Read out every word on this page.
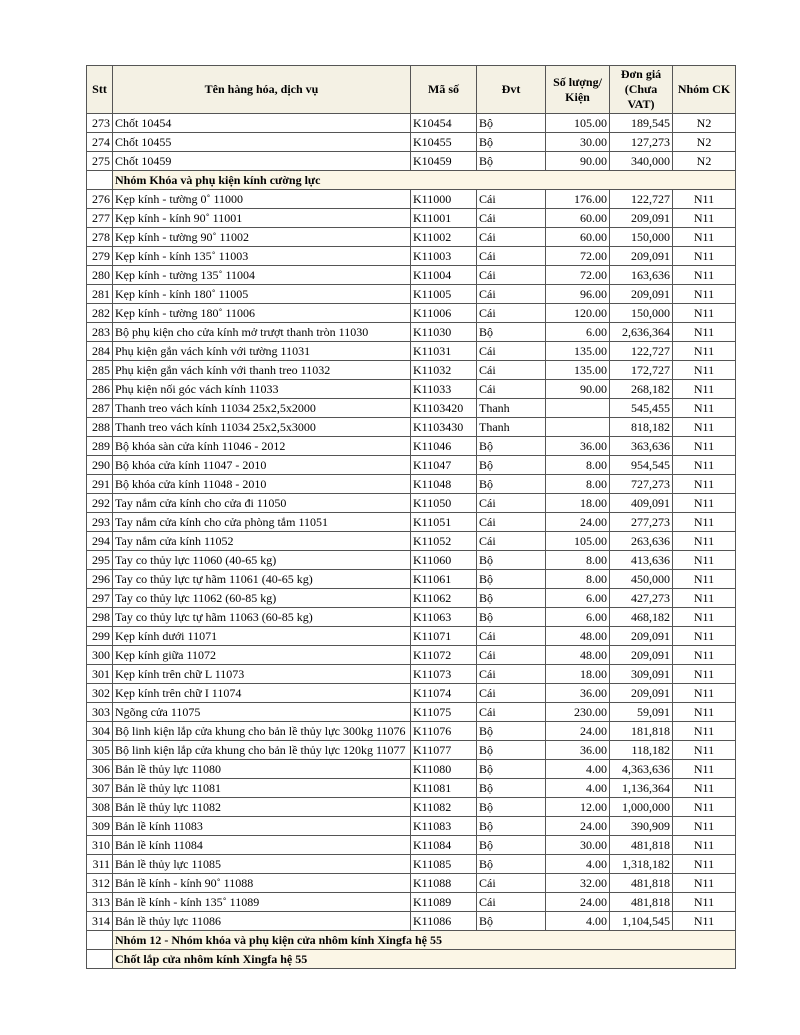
Stt	Tên hàng hóa, dịch vụ	Mã số	Đvt	Số lượng/ Kiện	Đơn giá (Chưa VAT)	Nhóm CK
273	Chốt 10454	K10454	Bộ	105.00	189,545	N2
274	Chốt 10455	K10455	Bộ	30.00	127,273	N2
275	Chốt 10459	K10459	Bộ	90.00	340,000	N2
	Nhóm Khóa và phụ kiện kính cường lực					
276	Kẹp kính - tường 0˚ 11000	K11000	Cái	176.00	122,727	N11
277	Kẹp kính - kính 90˚ 11001	K11001	Cái	60.00	209,091	N11
278	Kẹp kính - tường 90˚ 11002	K11002	Cái	60.00	150,000	N11
279	Kẹp kính - kính 135˚ 11003	K11003	Cái	72.00	209,091	N11
280	Kẹp kính - tường 135˚ 11004	K11004	Cái	72.00	163,636	N11
281	Kẹp kính - kính 180˚ 11005	K11005	Cái	96.00	209,091	N11
282	Kẹp kính - tường 180˚ 11006	K11006	Cái	120.00	150,000	N11
283	Bộ phụ kiện cho cửa kính mở trượt thanh tròn 11030	K11030	Bộ	6.00	2,636,364	N11
284	Phụ kiện gắn vách kính với tường 11031	K11031	Cái	135.00	122,727	N11
285	Phụ kiện gắn vách kính với thanh treo 11032	K11032	Cái	135.00	172,727	N11
286	Phụ kiện nối góc vách kính 11033	K11033	Cái	90.00	268,182	N11
287	Thanh treo vách kính 11034 25x2,5x2000	K1103420	Thanh		545,455	N11
288	Thanh treo vách kính 11034 25x2,5x3000	K1103430	Thanh		818,182	N11
289	Bộ khóa sàn cửa kính 11046 - 2012	K11046	Bộ	36.00	363,636	N11
290	Bộ khóa cửa kính 11047 - 2010	K11047	Bộ	8.00	954,545	N11
291	Bộ khóa cửa kính 11048 - 2010	K11048	Bộ	8.00	727,273	N11
292	Tay nắm cửa kính cho cửa đi 11050	K11050	Cái	18.00	409,091	N11
293	Tay nắm cửa kính cho cửa phòng tắm 11051	K11051	Cái	24.00	277,273	N11
294	Tay nắm cửa kính 11052	K11052	Cái	105.00	263,636	N11
295	Tay co thủy lực 11060 (40-65 kg)	K11060	Bộ	8.00	413,636	N11
296	Tay co thủy lực tự hãm 11061 (40-65 kg)	K11061	Bộ	8.00	450,000	N11
297	Tay co thủy lực 11062 (60-85 kg)	K11062	Bộ	6.00	427,273	N11
298	Tay co thủy lực tự hãm 11063 (60-85 kg)	K11063	Bộ	6.00	468,182	N11
299	Kẹp kính dưới 11071	K11071	Cái	48.00	209,091	N11
300	Kẹp kính giữa 11072	K11072	Cái	48.00	209,091	N11
301	Kẹp kính trên chữ L 11073	K11073	Cái	18.00	309,091	N11
302	Kẹp kính trên chữ I 11074	K11074	Cái	36.00	209,091	N11
303	Ngõng cửa 11075	K11075	Cái	230.00	59,091	N11
304	Bộ linh kiện lắp cửa khung cho bản lề thủy lực 300kg 11076	K11076	Bộ	24.00	181,818	N11
305	Bộ linh kiện lắp cửa khung cho bản lề thủy lực 120kg 11077	K11077	Bộ	36.00	118,182	N11
306	Bản lề thủy lực 11080	K11080	Bộ	4.00	4,363,636	N11
307	Bản lề thủy lực 11081	K11081	Bộ	4.00	1,136,364	N11
308	Bản lề thủy lực 11082	K11082	Bộ	12.00	1,000,000	N11
309	Bản lề kính 11083	K11083	Bộ	24.00	390,909	N11
310	Bản lề kính 11084	K11084	Bộ	30.00	481,818	N11
311	Bản lề thủy lực 11085	K11085	Bộ	4.00	1,318,182	N11
312	Bản lề kính - kính 90˚ 11088	K11088	Cái	32.00	481,818	N11
313	Bản lề kính - kính 135˚ 11089	K11089	Cái	24.00	481,818	N11
314	Bản lề thủy lực 11086	K11086	Bộ	4.00	1,104,545	N11
	Nhóm 12 - Nhóm khóa và phụ kiện cửa nhôm kính Xingfa hệ 55					
	Chốt lắp cửa nhôm kính Xingfa hệ 55					
